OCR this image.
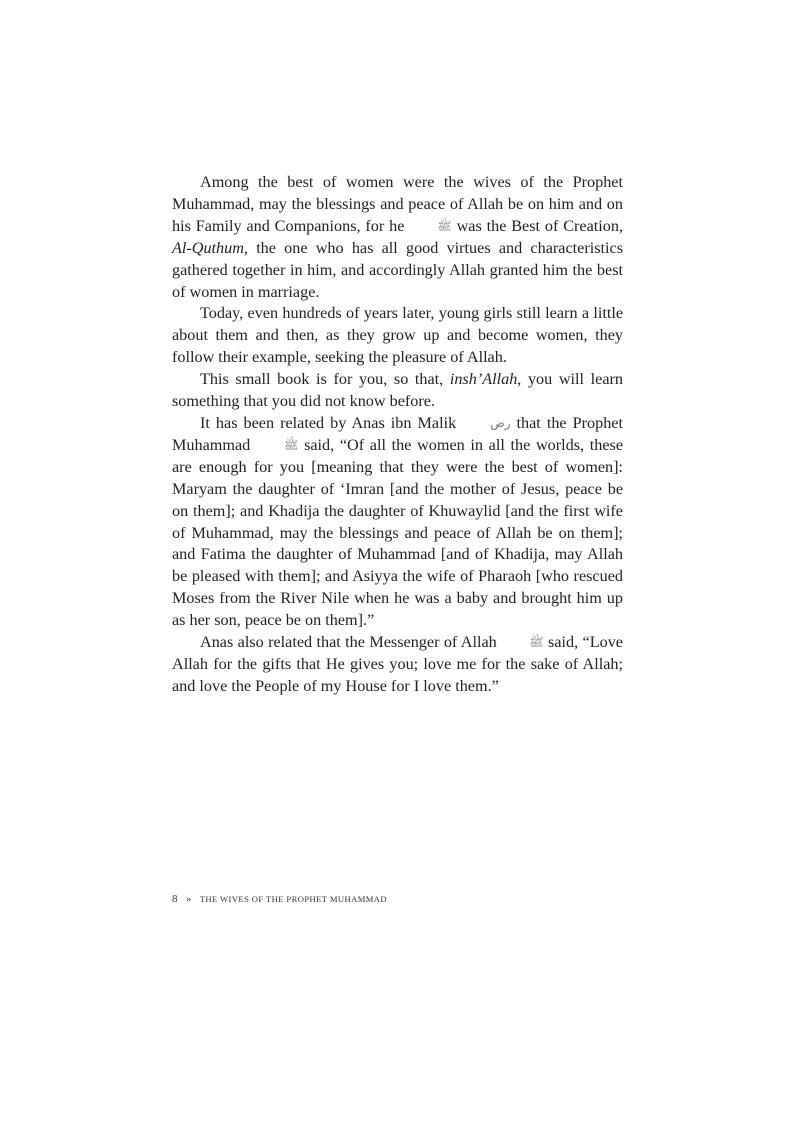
Among the best of women were the wives of the Prophet Muhammad, may the blessings and peace of Allah be on him and on his Family and Companions, for he ﷺ was the Best of Creation, Al-Quthum, the one who has all good virtues and characteristics gathered together in him, and accordingly Allah granted him the best of women in marriage.

Today, even hundreds of years later, young girls still learn a little about them and then, as they grow up and become women, they follow their example, seeking the pleasure of Allah.

This small book is for you, so that, insh’Allah, you will learn something that you did not know before.

It has been related by Anas ibn Malik رض that the Prophet Muhammad ﷺ said, “Of all the women in all the worlds, these are enough for you [meaning that they were the best of women]: Maryam the daughter of ‘Imran [and the mother of Jesus, peace be on them]; and Khadija the daughter of Khuwaylid [and the first wife of Muhammad, may the blessings and peace of Allah be on them]; and Fatima the daughter of Muhammad [and of Khadija, may Allah be pleased with them]; and Asiyya the wife of Pharaoh [who rescued Moses from the River Nile when he was a baby and brought him up as her son, peace be on them].”

Anas also related that the Messenger of Allah ﷺ said, “Love Allah for the gifts that He gives you; love me for the sake of Allah; and love the People of my House for I love them.”

8 » THE WIVES OF THE PROPHET MUHAMMAD
